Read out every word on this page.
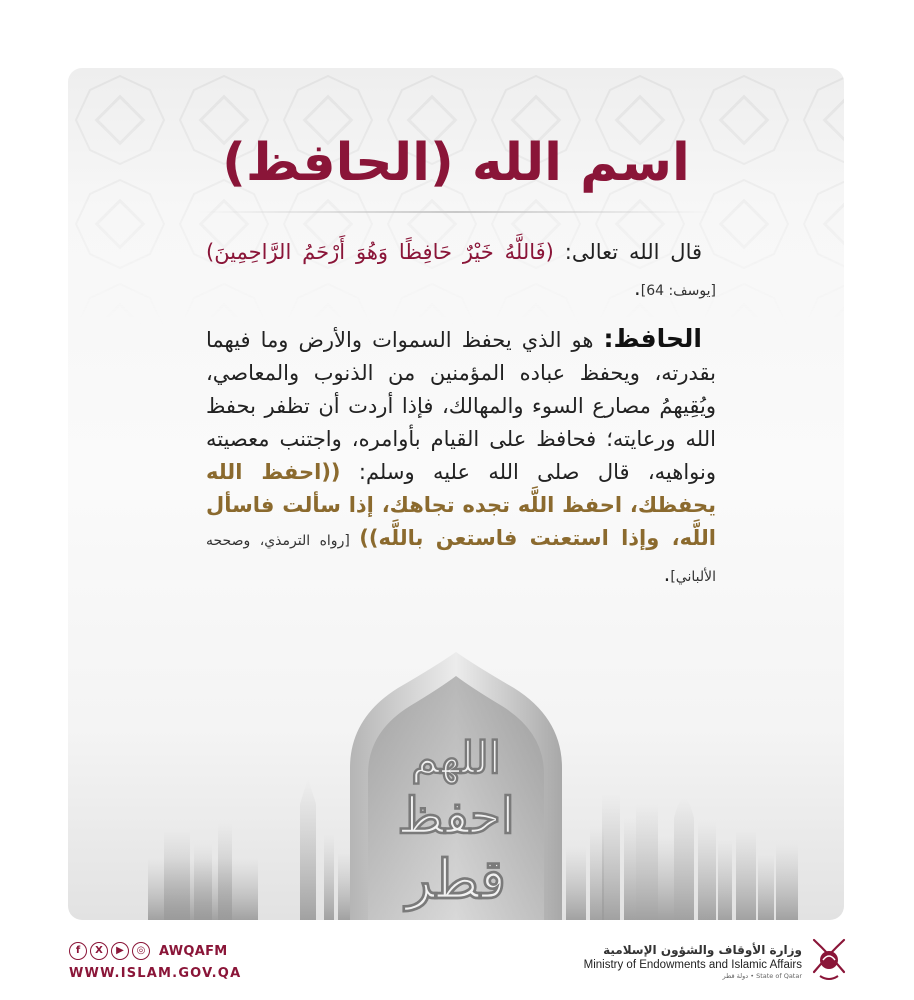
اسم الله (الحافظ)

قال الله تعالى: (فَاللَّهُ خَيْرٌ حَافِظًا وَهُوَ أَرْحَمُ الرَّاحِمِينَ) [يوسف: 64].

الحافظ: هو الذي يحفظ السموات والأرض وما فيهما بقدرته، ويحفظ عباده المؤمنين من الذنوب والمعاصي، ويُقِيهمُ مصارع السوء والمهالك، فإذا أردت أن تظفر بحفظ الله ورعايته؛ فحافظ على القيام بأوامره، واجتنب معصيته ونواهيه، قال صلى الله عليه وسلم: ((احفظ الله يحفظك، احفظ اللَّه تجده تجاهك، إذا سألت فاسأل اللَّه، وإذا استعنت فاستعن باللَّه)) [رواه الترمذي، وصححه الألباني].

اللهم
احفظ
قطر
f	X	▶	◎	AWQAFM
WWW.ISLAM.GOV.QA
وزارة الأوقاف والشؤون الإسلامية
Ministry of Endowments and Islamic Affairs
State of Qatar • دولة قطر
